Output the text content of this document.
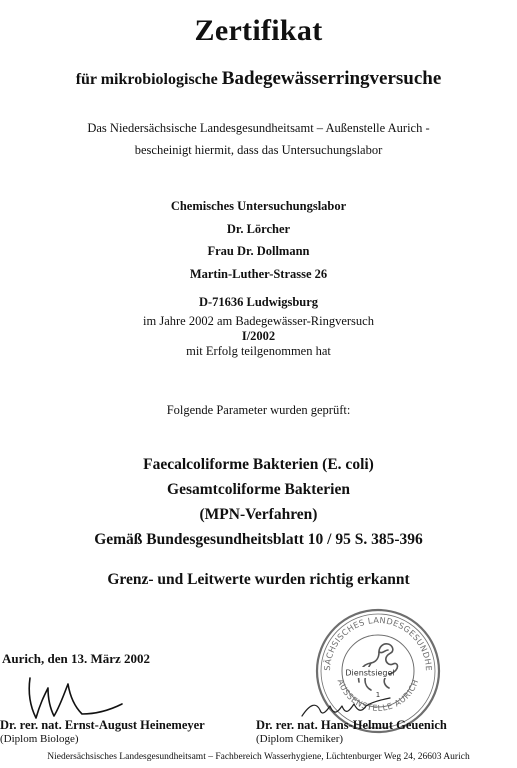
Zertifikat
für mikrobiologische Badegewässerringversuche
Das Niedersächsische Landesgesundheitsamt – Außenstelle Aurich -
bescheinigt hiermit, dass das Untersuchungslabor
Chemisches Untersuchungslabor
Dr. Lörcher
Frau Dr. Dollmann
Martin-Luther-Strasse 26
D-71636 Ludwigsburg
im Jahre 2002 am Badegewässer-Ringversuch
I/2002
mit Erfolg teilgenommen hat
Folgende Parameter wurden geprüft:
Faecalcoliforme Bakterien (E. coli)
Gesamtcoliforme Bakterien
(MPN-Verfahren)
Gemäß Bundesgesundheitsblatt 10 / 95 S. 385-396
Grenz- und Leitwerte wurden richtig erkannt
Aurich, den 13. März 2002
NIEDERSÄCHSISCHES LANDESGESUNDHEITSAMT
AUSSENSTELLE AURICH
Dienstsiegel
1
Dr. rer. nat. Ernst-August Heinemeyer
(Diplom Biologe)
Dr. rer. nat. Hans-Helmut Geuenich
(Diplom Chemiker)
Niedersächsisches Landesgesundheitsamt – Fachbereich Wasserhygiene, Lüchtenburger Weg 24, 26603 Aurich
